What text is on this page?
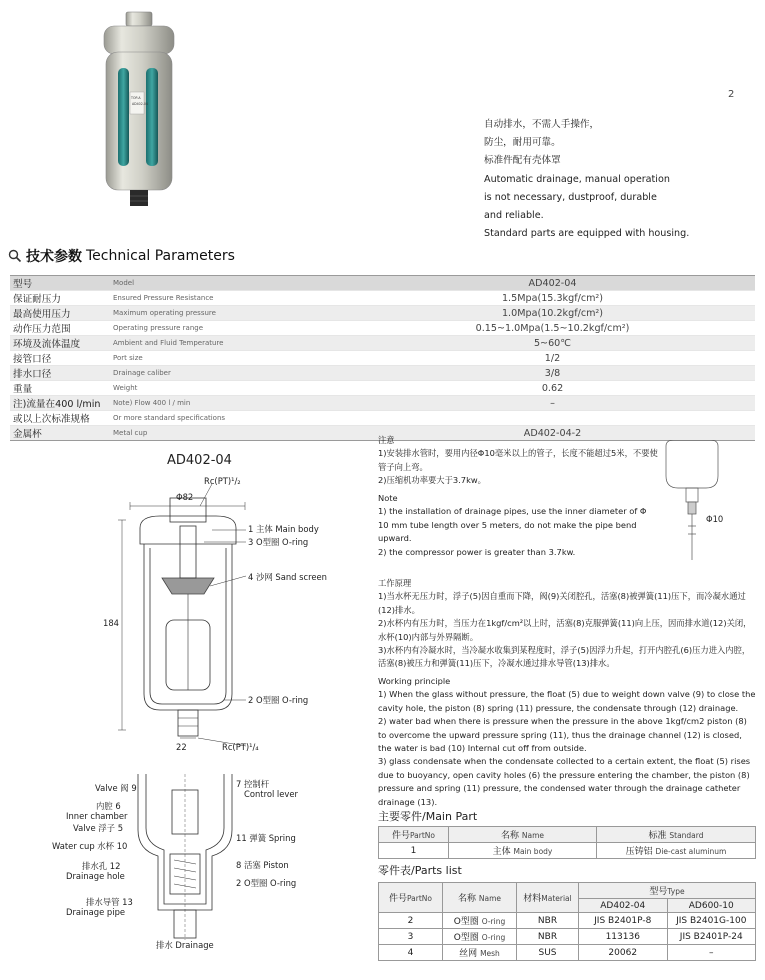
TOP-A
AD402-04
2
自动排水，不需人手操作，
防尘，耐用可靠。
标准件配有壳体罩
Automatic drainage, manual operation
is not necessary, dustproof, durable
and reliable.
Standard parts are equipped with housing.
技术参数 Technical Parameters
型号	Model	AD402-04
保证耐压力	Ensured Pressure Resistance	1.5Mpa(15.3kgf/cm²)
最高使用压力	Maximum operating pressure	1.0Mpa(10.2kgf/cm²)
动作压力范围	Operating pressure range	0.15~1.0Mpa(1.5~10.2kgf/cm²)
环境及流体温度	Ambient and Fluid Temperature	5~60℃
接管口径	Port size	1/2
排水口径	Drainage caliber	3/8
重量	Weight	0.62
注)流量在400 l/min	Note) Flow 400 l / min	–
或以上次标准规格	Or more standard specifications	
金属杯	Metal cup	AD402-04-2
AD402-04
Rc(PT)¹/₂
Φ82
184
22	Rc(PT)¹/₄
1 主体 Main body
3 O型圈 O-ring
4 沙网 Sand screen
2 O型圈 O-ring
Valve 阀 9
内腔 6
Inner chamber
Valve 浮子 5
Water cup 水杯 10
排水孔 12
Drainage hole
排水导管 13
Drainage pipe
7 控制杆
Control lever
11 弹簧 Spring
8 活塞 Piston
2 O型圈 O-ring
排水 Drainage
Φ10
注意
1)安装排水管时，要用内径Φ10毫米以上的管子，长度不能超过5米，不要使管子向上弯。
2)压缩机功率要大于3.7kw。
Note
1) the installation of drainage pipes, use the inner diameter of Φ 10 mm tube length over 5 meters, do not make the pipe bend upward.
2) the compressor power is greater than 3.7kw.
工作原理
1)当水杯无压力时，浮子(5)因自重而下降，阀(9)关闭腔孔，活塞(8)被弹簧(11)压下，而冷凝水通过(12)排水。
2)水杯内有压力时，当压力在1kgf/cm²以上时，活塞(8)克服弹簧(11)向上压，因而排水道(12)关闭，水杯(10)内部与外界隔断。
3)水杯内有冷凝水时，当冷凝水收集到某程度时，浮子(5)因浮力升起，打开内腔孔(6)压力进入内腔，活塞(8)被压力和弹簧(11)压下，冷凝水通过排水导管(13)排水。
Working principle
1) When the glass without pressure, the float (5) due to weight down valve (9) to close the cavity hole, the piston (8) spring (11) pressure, the condensate through (12) drainage.
2) water bad when there is pressure when the pressure in the above 1kgf/cm2 piston (8) to overcome the upward pressure spring (11), thus the drainage channel (12) is closed, the water is bad (10) Internal cut off from outside.
3) glass condensate when the condensate collected to a certain extent, the float (5) rises due to buoyancy, open cavity holes (6) the pressure entering the chamber, the piston (8) pressure and spring (11) pressure, the condensed water through the drainage catheter drainage (13).
主要零件/Main Part
件号PartNo	名称 Name	标准 Standard
1	主体 Main body	压铸铝 Die-cast aluminum
零件表/Parts list
件号PartNo	名称 Name	材料Material	型号Type	
			AD402-04	AD600-10
2	O型圈 O-ring	NBR	JIS B2401P-8	JIS B2401G-100
3	O型圈 O-ring	NBR	113136	JIS B2401P-24
4	丝网 Mesh	SUS	20062	–
